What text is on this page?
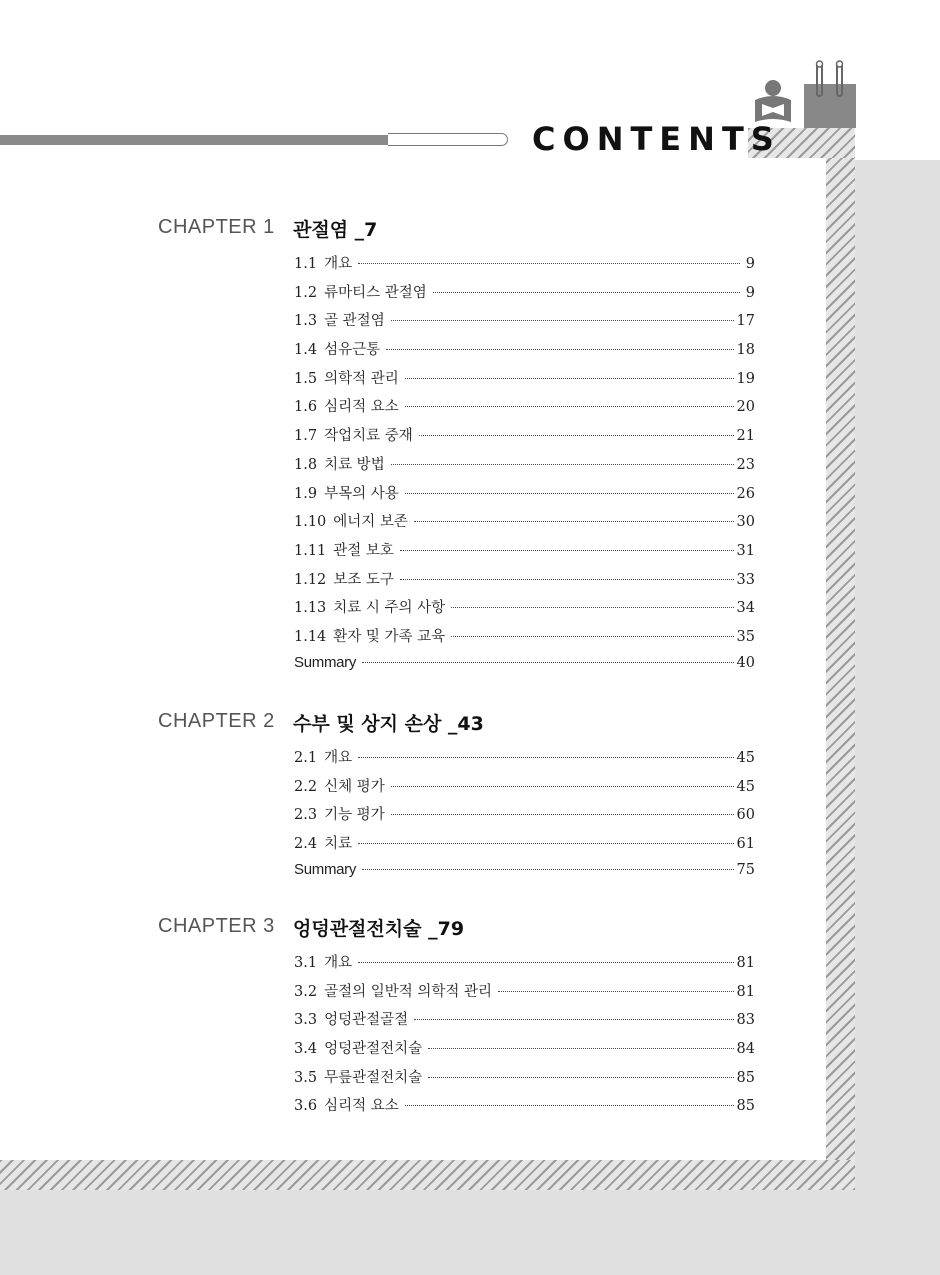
CONTENTS
CHAPTER 1 관절염 _7
1.1 개요	9
1.2 류마티스 관절염	9
1.3 골 관절염	17
1.4 섬유근통	18
1.5 의학적 관리	19
1.6 심리적 요소	20
1.7 작업치료 중재	21
1.8 치료 방법	23
1.9 부목의 사용	26
1.10 에너지 보존	30
1.11 관절 보호	31
1.12 보조 도구	33
1.13 치료 시 주의 사항	34
1.14 환자 및 가족 교육	35
Summary	40
CHAPTER 2 수부 및 상지 손상 _43
2.1 개요	45
2.2 신체 평가	45
2.3 기능 평가	60
2.4 치료	61
Summary	75
CHAPTER 3 엉덩관절전치술 _79
3.1 개요	81
3.2 골절의 일반적 의학적 관리	81
3.3 엉덩관절골절	83
3.4 엉덩관절전치술	84
3.5 무릎관절전치술	85
3.6 심리적 요소	85
